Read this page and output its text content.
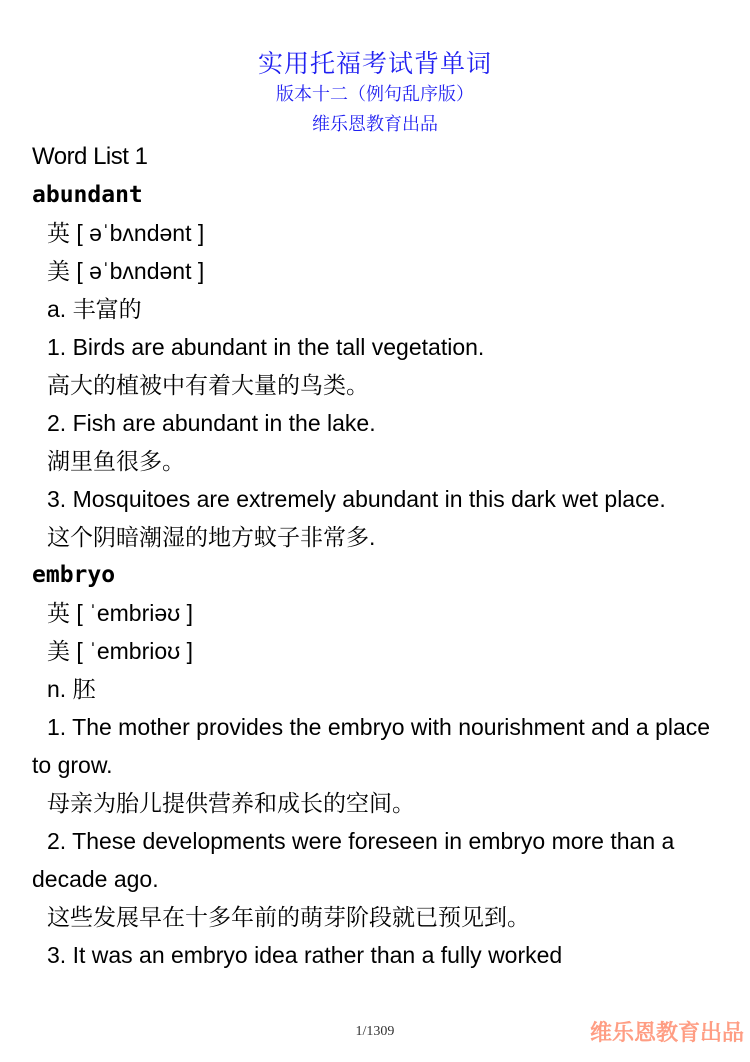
实用托福考试背单词
版本十二（例句乱序版）
维乐恩教育出品
Word List 1
abundant
英 [ əˈbʌndənt ]
美 [ əˈbʌndənt ]
a. 丰富的
1. Birds are abundant in the tall vegetation.
高大的植被中有着大量的鸟类。
2. Fish are abundant in the lake.
湖里鱼很多。
3. Mosquitoes are extremely abundant in this dark wet place.
这个阴暗潮湿的地方蚊子非常多.
embryo
英 [ ˈembriəʊ ]
美 [ ˈembrioʊ ]
n. 胚
1. The mother provides the embryo with nourishment and a place to grow.
母亲为胎儿提供营养和成长的空间。
2. These developments were foreseen in embryo more than a decade ago.
这些发展早在十多年前的萌芽阶段就已预见到。
3. It was an embryo idea rather than a fully worked
1/1309	维乐恩教育出品
